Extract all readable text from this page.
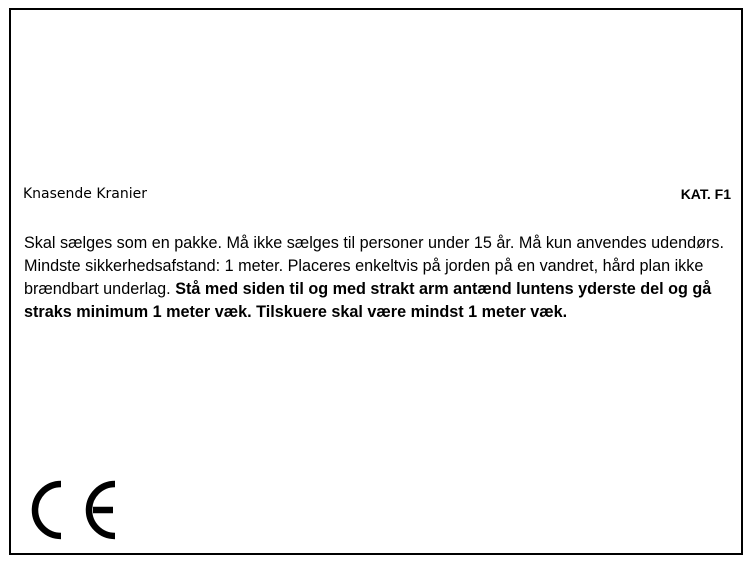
Knasende Kranier	KAT. F1

Skal sælges som en pakke. Må ikke sælges til personer under 15 år. Må kun anvendes udendørs. Mindste sikkerhedsafstand: 1 meter. Placeres enkeltvis på jorden på en vandret, hård plan ikke brændbart underlag. Stå med siden til og med strakt arm antænd luntens yderste del og gå straks minimum 1 meter væk. Tilskuere skal være mindst 1 meter væk.
